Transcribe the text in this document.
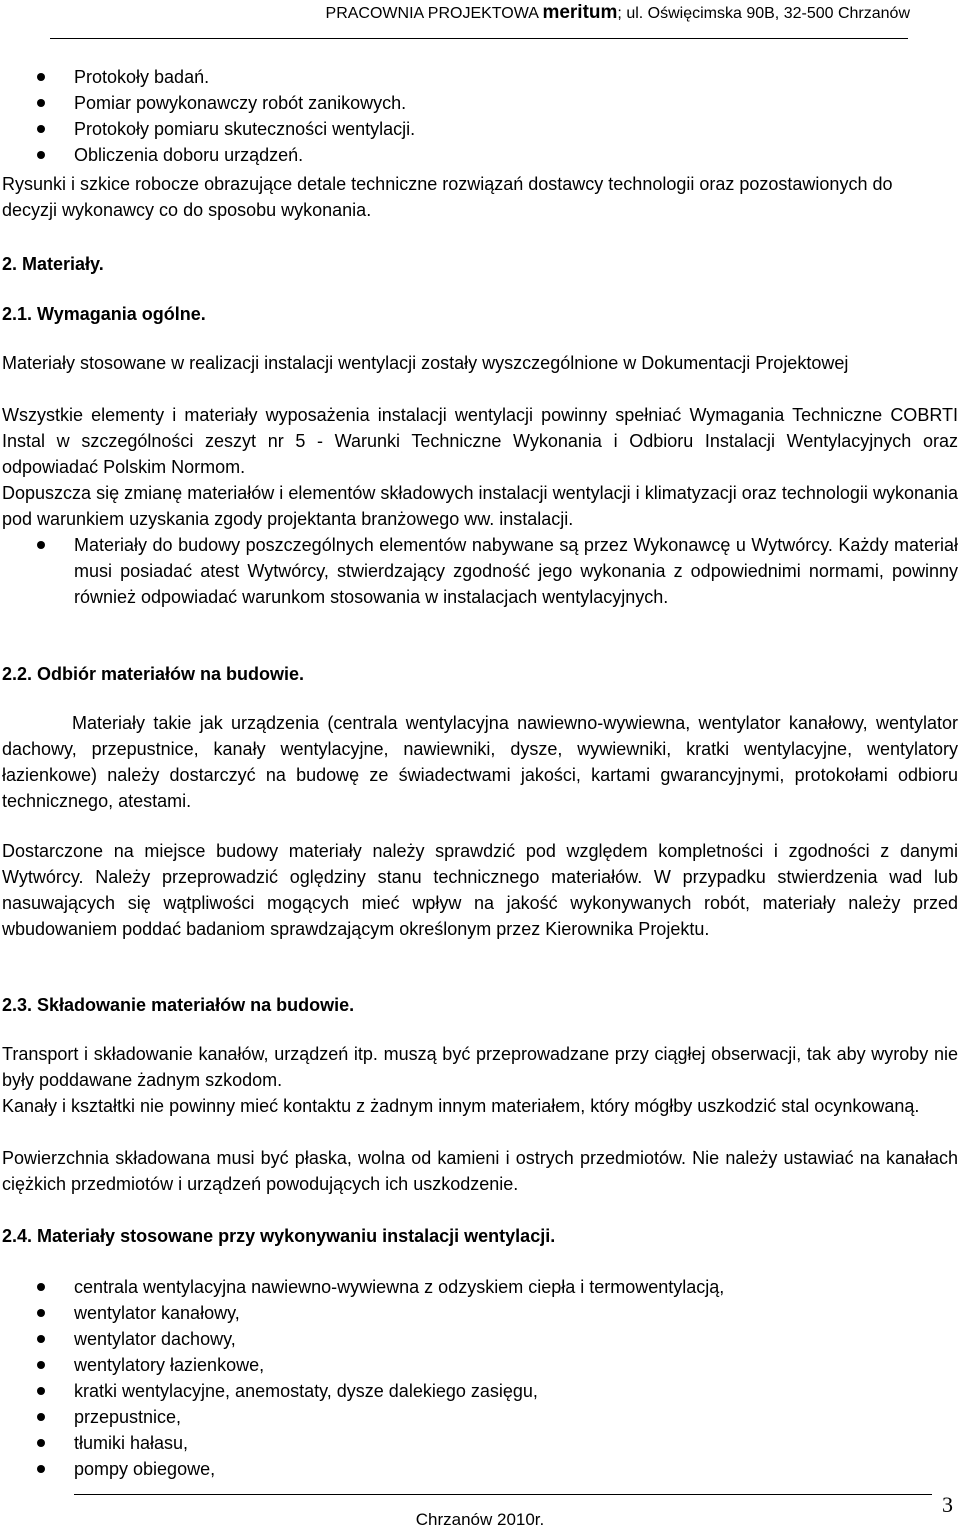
PRACOWNIA PROJEKTOWA meritum; ul. Oświęcimska 90B, 32-500 Chrzanów
Protokoły badań.
Pomiar powykonawczy robót zanikowych.
Protokoły pomiaru skuteczności wentylacji.
Obliczenia doboru urządzeń.
Rysunki i szkice robocze obrazujące detale techniczne rozwiązań dostawcy technologii oraz pozostawionych do decyzji wykonawcy co do sposobu wykonania.
2. Materiały.
2.1. Wymagania ogólne.
Materiały stosowane w realizacji instalacji wentylacji zostały wyszczególnione w Dokumentacji Projektowej
Wszystkie elementy i materiały wyposażenia instalacji wentylacji powinny spełniać Wymagania Techniczne COBRTI Instal w szczególności zeszyt nr 5 - Warunki Techniczne Wykonania i Odbioru Instalacji Wentylacyjnych oraz odpowiadać Polskim Normom.
Dopuszcza się zmianę materiałów i elementów składowych instalacji wentylacji i klimatyzacji oraz technologii wykonania pod warunkiem uzyskania zgody projektanta branżowego ww. instalacji.
Materiały do budowy poszczególnych elementów nabywane są przez Wykonawcę u Wytwórcy. Każdy materiał musi posiadać atest Wytwórcy, stwierdzający zgodność jego wykonania z odpowiednimi normami, powinny również odpowiadać warunkom stosowania w instalacjach wentylacyjnych.
2.2. Odbiór materiałów na budowie.
Materiały takie jak urządzenia (centrala wentylacyjna nawiewno-wywiewna, wentylator kanałowy, wentylator dachowy, przepustnice, kanały wentylacyjne, nawiewniki, dysze, wywiewniki, kratki wentylacyjne, wentylatory łazienkowe) należy dostarczyć na budowę ze świadectwami jakości, kartami gwarancyjnymi, protokołami odbioru technicznego, atestami.
Dostarczone na miejsce budowy materiały należy sprawdzić pod względem kompletności i zgodności z danymi Wytwórcy. Należy przeprowadzić oględziny stanu technicznego materiałów. W przypadku stwierdzenia wad lub nasuwających się wątpliwości mogących mieć wpływ na jakość wykonywanych robót, materiały należy przed wbudowaniem poddać badaniom sprawdzającym określonym przez Kierownika Projektu.
2.3. Składowanie materiałów na budowie.
Transport i składowanie kanałów, urządzeń itp. muszą być przeprowadzane przy ciągłej obserwacji, tak aby wyroby nie były poddawane żadnym szkodom.
Kanały i kształtki nie powinny mieć kontaktu z żadnym innym materiałem, który mógłby uszkodzić stal ocynkowaną.
Powierzchnia składowana musi być płaska, wolna od kamieni i ostrych przedmiotów. Nie należy ustawiać na kanałach ciężkich przedmiotów i urządzeń powodujących ich uszkodzenie.
2.4. Materiały stosowane przy wykonywaniu instalacji wentylacji.
centrala wentylacyjna nawiewno-wywiewna z odzyskiem ciepła i termowentylacją,
wentylator kanałowy,
wentylator dachowy,
wentylatory łazienkowe,
kratki wentylacyjne, anemostaty, dysze dalekiego zasięgu,
przepustnice,
tłumiki hałasu,
pompy obiegowe,
Chrzanów 2010r.
3
